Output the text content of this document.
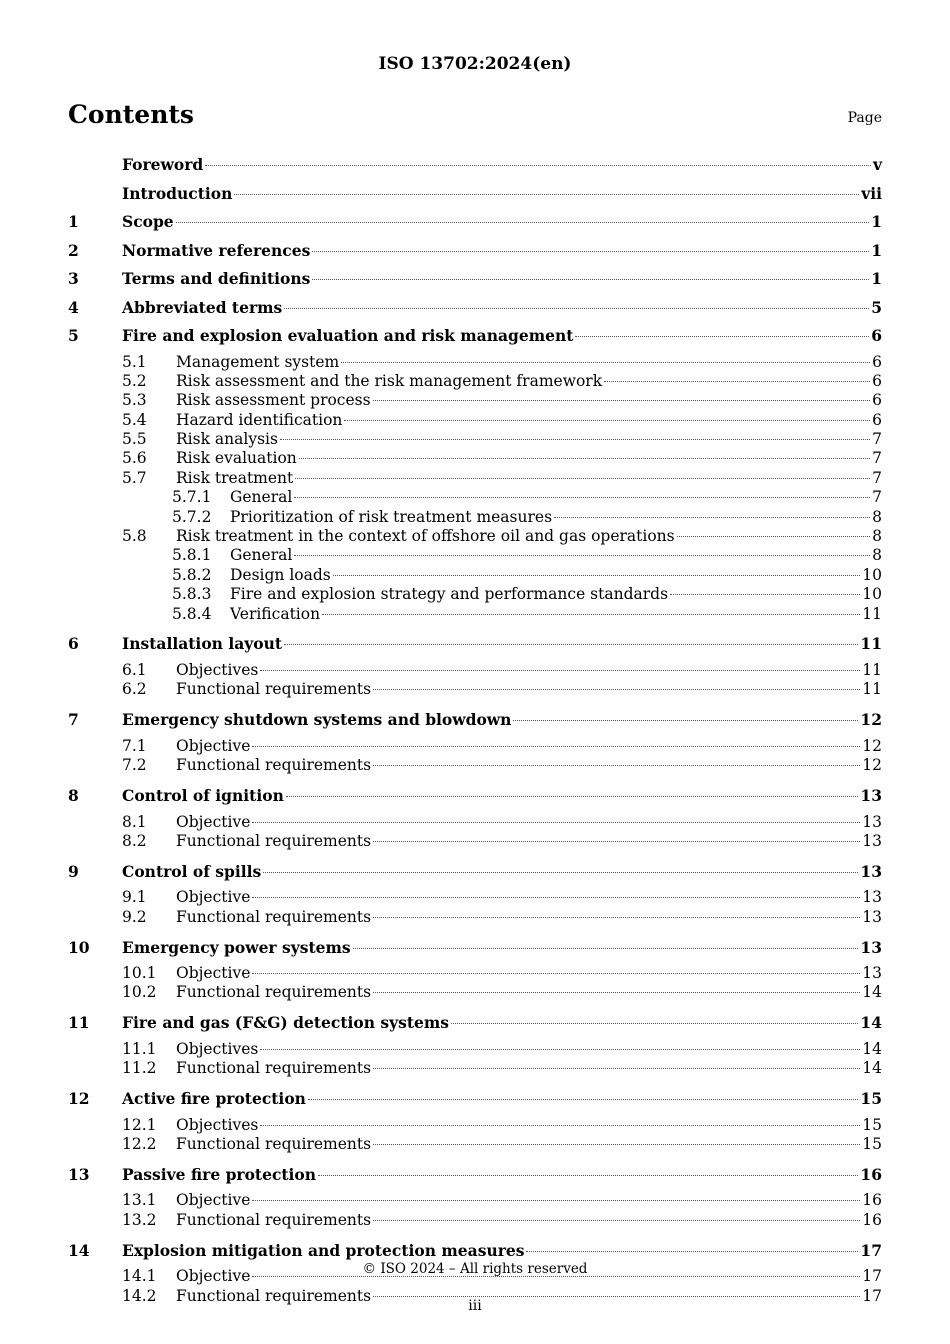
ISO 13702:2024(en)
Contents	Page
Foreword	v
Introduction	vii
1	Scope	1
2	Normative references	1
3	Terms and definitions	1
4	Abbreviated terms	5
5	Fire and explosion evaluation and risk management	6
5.1	Management system	6
5.2	Risk assessment and the risk management framework	6
5.3	Risk assessment process	6
5.4	Hazard identification	6
5.5	Risk analysis	7
5.6	Risk evaluation	7
5.7	Risk treatment	7
5.7.1	General	7
5.7.2	Prioritization of risk treatment measures	8
5.8	Risk treatment in the context of offshore oil and gas operations	8
5.8.1	General	8
5.8.2	Design loads	10
5.8.3	Fire and explosion strategy and performance standards	10
5.8.4	Verification	11
6	Installation layout	11
6.1	Objectives	11
6.2	Functional requirements	11
7	Emergency shutdown systems and blowdown	12
7.1	Objective	12
7.2	Functional requirements	12
8	Control of ignition	13
8.1	Objective	13
8.2	Functional requirements	13
9	Control of spills	13
9.1	Objective	13
9.2	Functional requirements	13
10	Emergency power systems	13
10.1	Objective	13
10.2	Functional requirements	14
11	Fire and gas (F&G) detection systems	14
11.1	Objectives	14
11.2	Functional requirements	14
12	Active fire protection	15
12.1	Objectives	15
12.2	Functional requirements	15
13	Passive fire protection	16
13.1	Objective	16
13.2	Functional requirements	16
14	Explosion mitigation and protection measures	17
14.1	Objective	17
14.2	Functional requirements	17
© ISO 2024 – All rights reserved
iii
